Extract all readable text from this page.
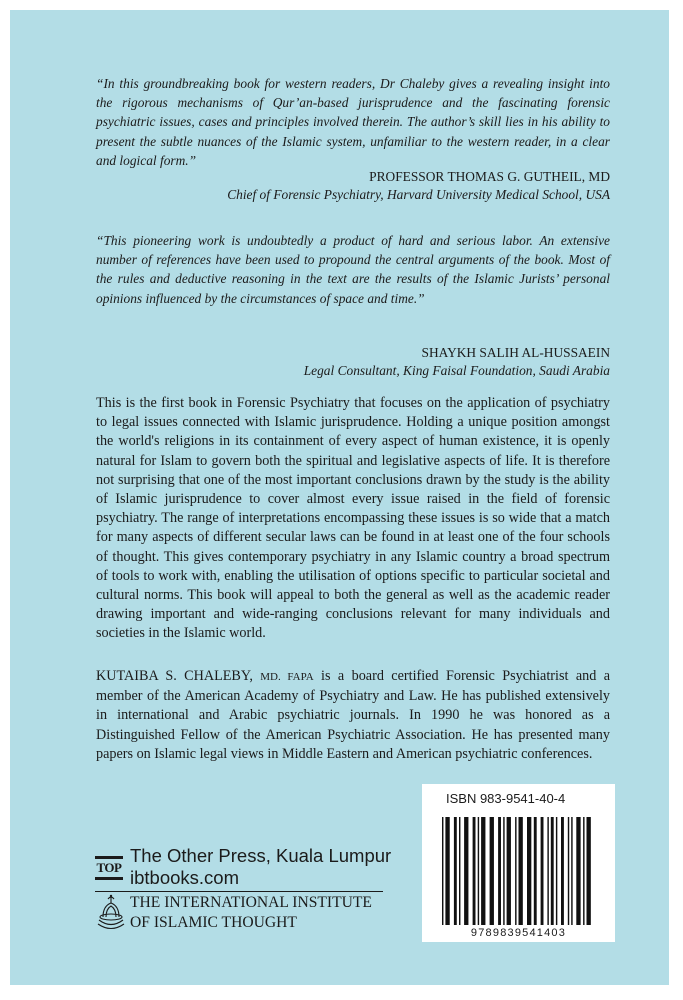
“In this groundbreaking book for western readers, Dr Chaleby gives a revealing insight into the rigorous mechanisms of Qur’an-based jurisprudence and the fascinating forensic psychiatric issues, cases and principles involved therein. The author’s skill lies in his ability to present the subtle nuances of the Islamic system, unfamiliar to the western reader, in a clear and logical form.”

PROFESSOR THOMAS G. GUTHEIL, MD

Chief of Forensic Psychiatry, Harvard University Medical School, USA

“This pioneering work is undoubtedly a product of hard and serious labor. An extensive number of references have been used to propound the central arguments of the book. Most of the rules and deductive reasoning in the text are the results of the Islamic Jurists’ personal opinions influenced by the circumstances of space and time.”

SHAYKH SALIH AL-HUSSAEIN

Legal Consultant, King Faisal Foundation, Saudi Arabia

This is the first book in Forensic Psychiatry that focuses on the application of psychiatry to legal issues connected with Islamic jurisprudence. Holding a unique position amongst the world's religions in its containment of every aspect of human existence, it is openly natural for Islam to govern both the spiritual and legislative aspects of life. It is therefore not surprising that one of the most important conclusions drawn by the study is the ability of Islamic jurisprudence to cover almost every issue raised in the field of forensic psychiatry. The range of interpretations encompassing these issues is so wide that a match for many aspects of different secular laws can be found in at least one of the four schools of thought. This gives contemporary psychiatry in any Islamic country a broad spectrum of tools to work with, enabling the utilisation of options specific to particular societal and cultural norms. This book will appeal to both the general as well as the academic reader drawing important and wide-ranging conclusions relevant for many individuals and societies in the Islamic world.

KUTAIBA S. CHALEBY, MD. FAPA is a board certified Forensic Psychiatrist and a member of the American Academy of Psychiatry and Law. He has published extensively in international and Arabic psychiatric journals. In 1990 he was honored as a Distinguished Fellow of the American Psychiatric Association. He has presented many papers on Islamic legal views in Middle Eastern and American psychiatric conferences.

TOP

The Other Press, Kuala Lumpur

ibtbooks.com

THE INTERNATIONAL INSTITUTE

OF ISLAMIC THOUGHT

ISBN 983-9541-40-4

9789839541403
